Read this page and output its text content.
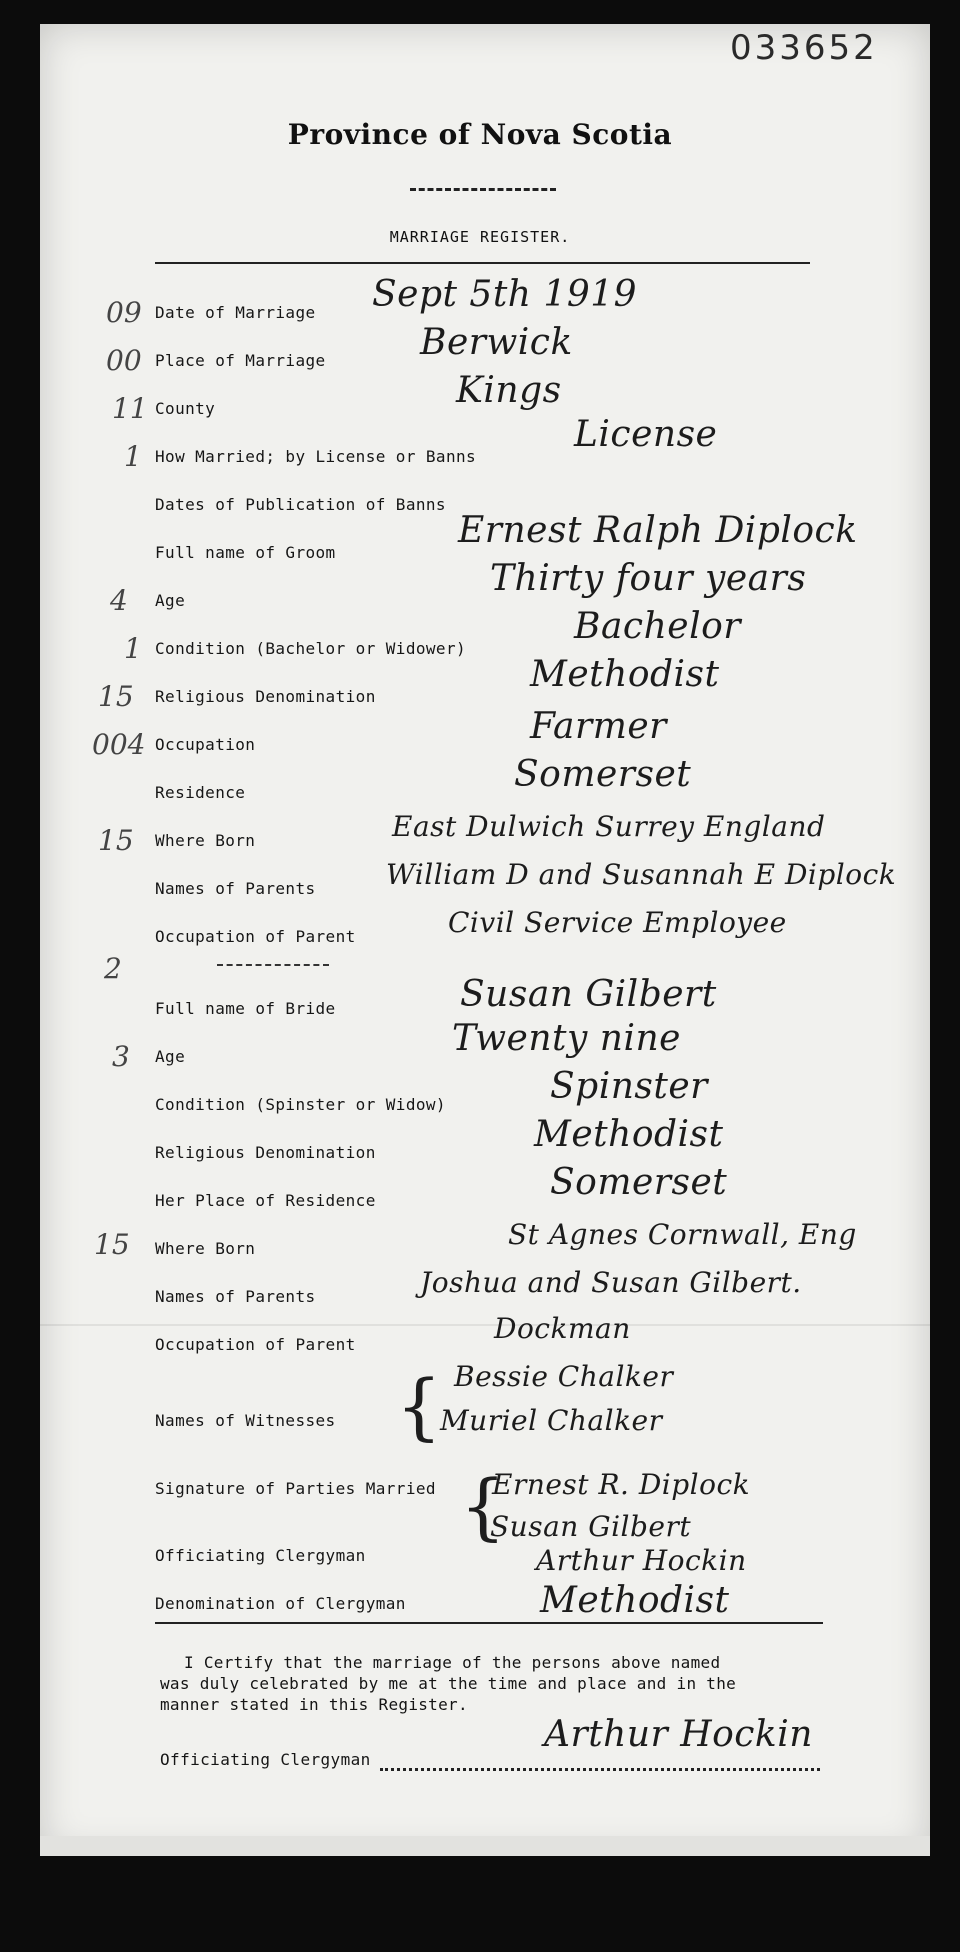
033652
Province of Nova Scotia
MARRIAGE REGISTER.
09
00
11
1
4
1
15
004
15
2
3
15
Date of Marriage
Place of Marriage
County
How Married; by License or Banns
Dates of Publication of Banns
Full name of Groom
Age
Condition (Bachelor or Widower)
Religious Denomination
Occupation
Residence
Where Born
Names of Parents
Occupation of Parent
Sept 5th 1919
Berwick
Kings
License
Ernest Ralph Diplock
Thirty four years
Bachelor
Methodist
Farmer
Somerset
East Dulwich Surrey England
William D and Susannah E Diplock
Civil Service Employee
Full name of Bride
Age
Condition (Spinster or Widow)
Religious Denomination
Her Place of Residence
Where Born
Names of Parents
Occupation of Parent
Susan Gilbert
Twenty nine
Spinster
Methodist
Somerset
St Agnes Cornwall, Eng
Joshua and Susan Gilbert.
Dockman
Names of Witnesses { Bessie Chalker
Muriel Chalker
Signature of Parties Married {
Ernest R. Diplock
Susan Gilbert
Officiating Clergyman	Arthur Hockin
Denomination of Clergyman	Methodist
I Certify that the marriage of the persons above named
was duly celebrated by me at the time and place and in the
manner stated in this Register.
Officiating Clergyman
Arthur Hockin
